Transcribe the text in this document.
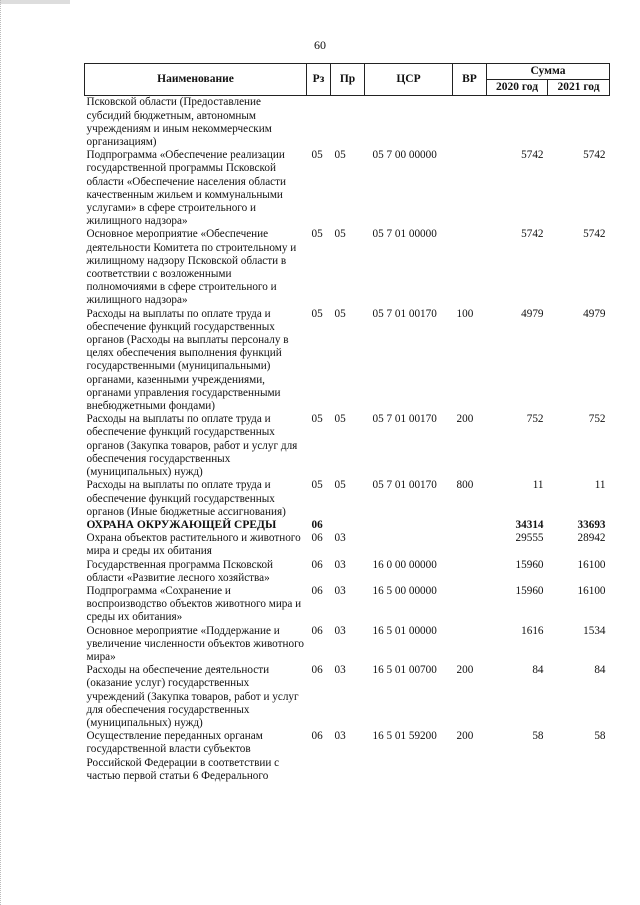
60
Наименование	Рз	Пр	ЦСР	ВР	Сумма	
					2020 год	2021 год
Псковской области (Предоставление субсидий бюджетным, автономным учреждениям и иным некоммерческим организациям)						
Подпрограмма «Обеспечение реализации государственной программы Псковской области «Обеспечение населения области качественным жильем и коммунальными услугами» в сфере строительного и жилищного надзора»	05	05	05 7 00 00000		5742	5742
Основное мероприятие «Обеспечение деятельности Комитета по строительному и жилищному надзору Псковской области в соответствии с возложенными полномочиями в сфере строительного и жилищного надзора»	05	05	05 7 01 00000		5742	5742
Расходы на выплаты по оплате труда и обеспечение функций государственных органов (Расходы на выплаты персоналу в целях обеспечения выполнения функций государственными (муниципальными) органами, казенными учреждениями, органами управления государственными внебюджетными фондами)	05	05	05 7 01 00170	100	4979	4979
Расходы на выплаты по оплате труда и обеспечение функций государственных органов (Закупка товаров, работ и услуг для обеспечения государственных (муниципальных) нужд)	05	05	05 7 01 00170	200	752	752
Расходы на выплаты по оплате труда и обеспечение функций государственных органов (Иные бюджетные ассигнования)	05	05	05 7 01 00170	800	11	11
ОХРАНА ОКРУЖАЮЩЕЙ СРЕДЫ	06				34314	33693
Охрана объектов растительного и животного мира и среды их обитания	06	03			29555	28942
Государственная программа Псковской области «Развитие лесного хозяйства»	06	03	16 0 00 00000		15960	16100
Подпрограмма «Сохранение и воспроизводство объектов животного мира и среды их обитания»	06	03	16 5 00 00000		15960	16100
Основное мероприятие «Поддержание и увеличение численности объектов животного мира»	06	03	16 5 01 00000		1616	1534
Расходы на обеспечение деятельности (оказание услуг) государственных учреждений (Закупка товаров, работ и услуг для обеспечения государственных (муниципальных) нужд)	06	03	16 5 01 00700	200	84	84
Осуществление переданных органам государственной власти субъектов Российской Федерации в соответствии с частью первой статьи 6 Федерального	06	03	16 5 01 59200	200	58	58
